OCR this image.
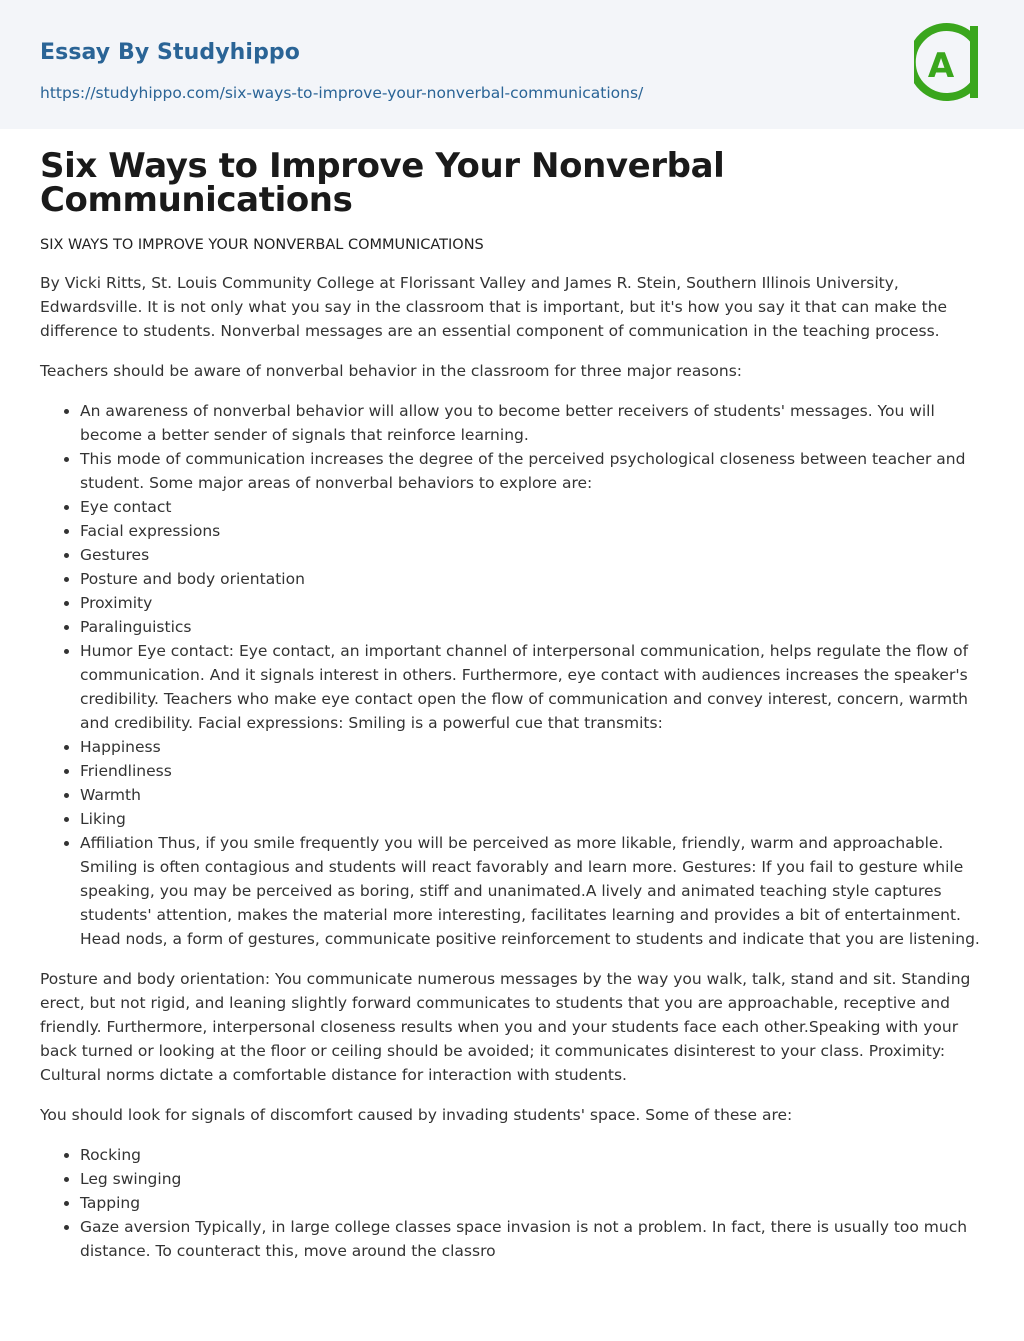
Essay By Studyhippo
https://studyhippo.com/six-ways-to-improve-your-nonverbal-communications/
A
Six Ways to Improve Your Nonverbal Communications
SIX WAYS TO IMPROVE YOUR NONVERBAL COMMUNICATIONS

By Vicki Ritts, St. Louis Community College at Florissant Valley and James R. Stein, Southern Illinois University, Edwardsville. It is not only what you say in the classroom that is important, but it's how you say it that can make the difference to students. Nonverbal messages are an essential component of communication in the teaching process.

Teachers should be aware of nonverbal behavior in the classroom for three major reasons:

• An awareness of nonverbal behavior will allow you to become better receivers of students' messages. You will become a better sender of signals that reinforce learning.
• This mode of communication increases the degree of the perceived psychological closeness between teacher and student. Some major areas of nonverbal behaviors to explore are:
• Eye contact
• Facial expressions
• Gestures
• Posture and body orientation
• Proximity
• Paralinguistics
• Humor Eye contact: Eye contact, an important channel of interpersonal communication, helps regulate the flow of communication. And it signals interest in others. Furthermore, eye contact with audiences increases the speaker's credibility. Teachers who make eye contact open the flow of communication and convey interest, concern, warmth and credibility. Facial expressions: Smiling is a powerful cue that transmits:
• Happiness
• Friendliness
• Warmth
• Liking
• Affiliation Thus, if you smile frequently you will be perceived as more likable, friendly, warm and approachable. Smiling is often contagious and students will react favorably and learn more. Gestures: If you fail to gesture while speaking, you may be perceived as boring, stiff and unanimated.A lively and animated teaching style captures students' attention, makes the material more interesting, facilitates learning and provides a bit of entertainment. Head nods, a form of gestures, communicate positive reinforcement to students and indicate that you are listening.

Posture and body orientation: You communicate numerous messages by the way you walk, talk, stand and sit. Standing erect, but not rigid, and leaning slightly forward communicates to students that you are approachable, receptive and friendly. Furthermore, interpersonal closeness results when you and your students face each other.Speaking with your back turned or looking at the floor or ceiling should be avoided; it communicates disinterest to your class. Proximity: Cultural norms dictate a comfortable distance for interaction with students.

You should look for signals of discomfort caused by invading students' space. Some of these are:

• Rocking
• Leg swinging
• Tapping
• Gaze aversion Typically, in large college classes space invasion is not a problem. In fact, there is usually too much distance. To counteract this, move around the classro
